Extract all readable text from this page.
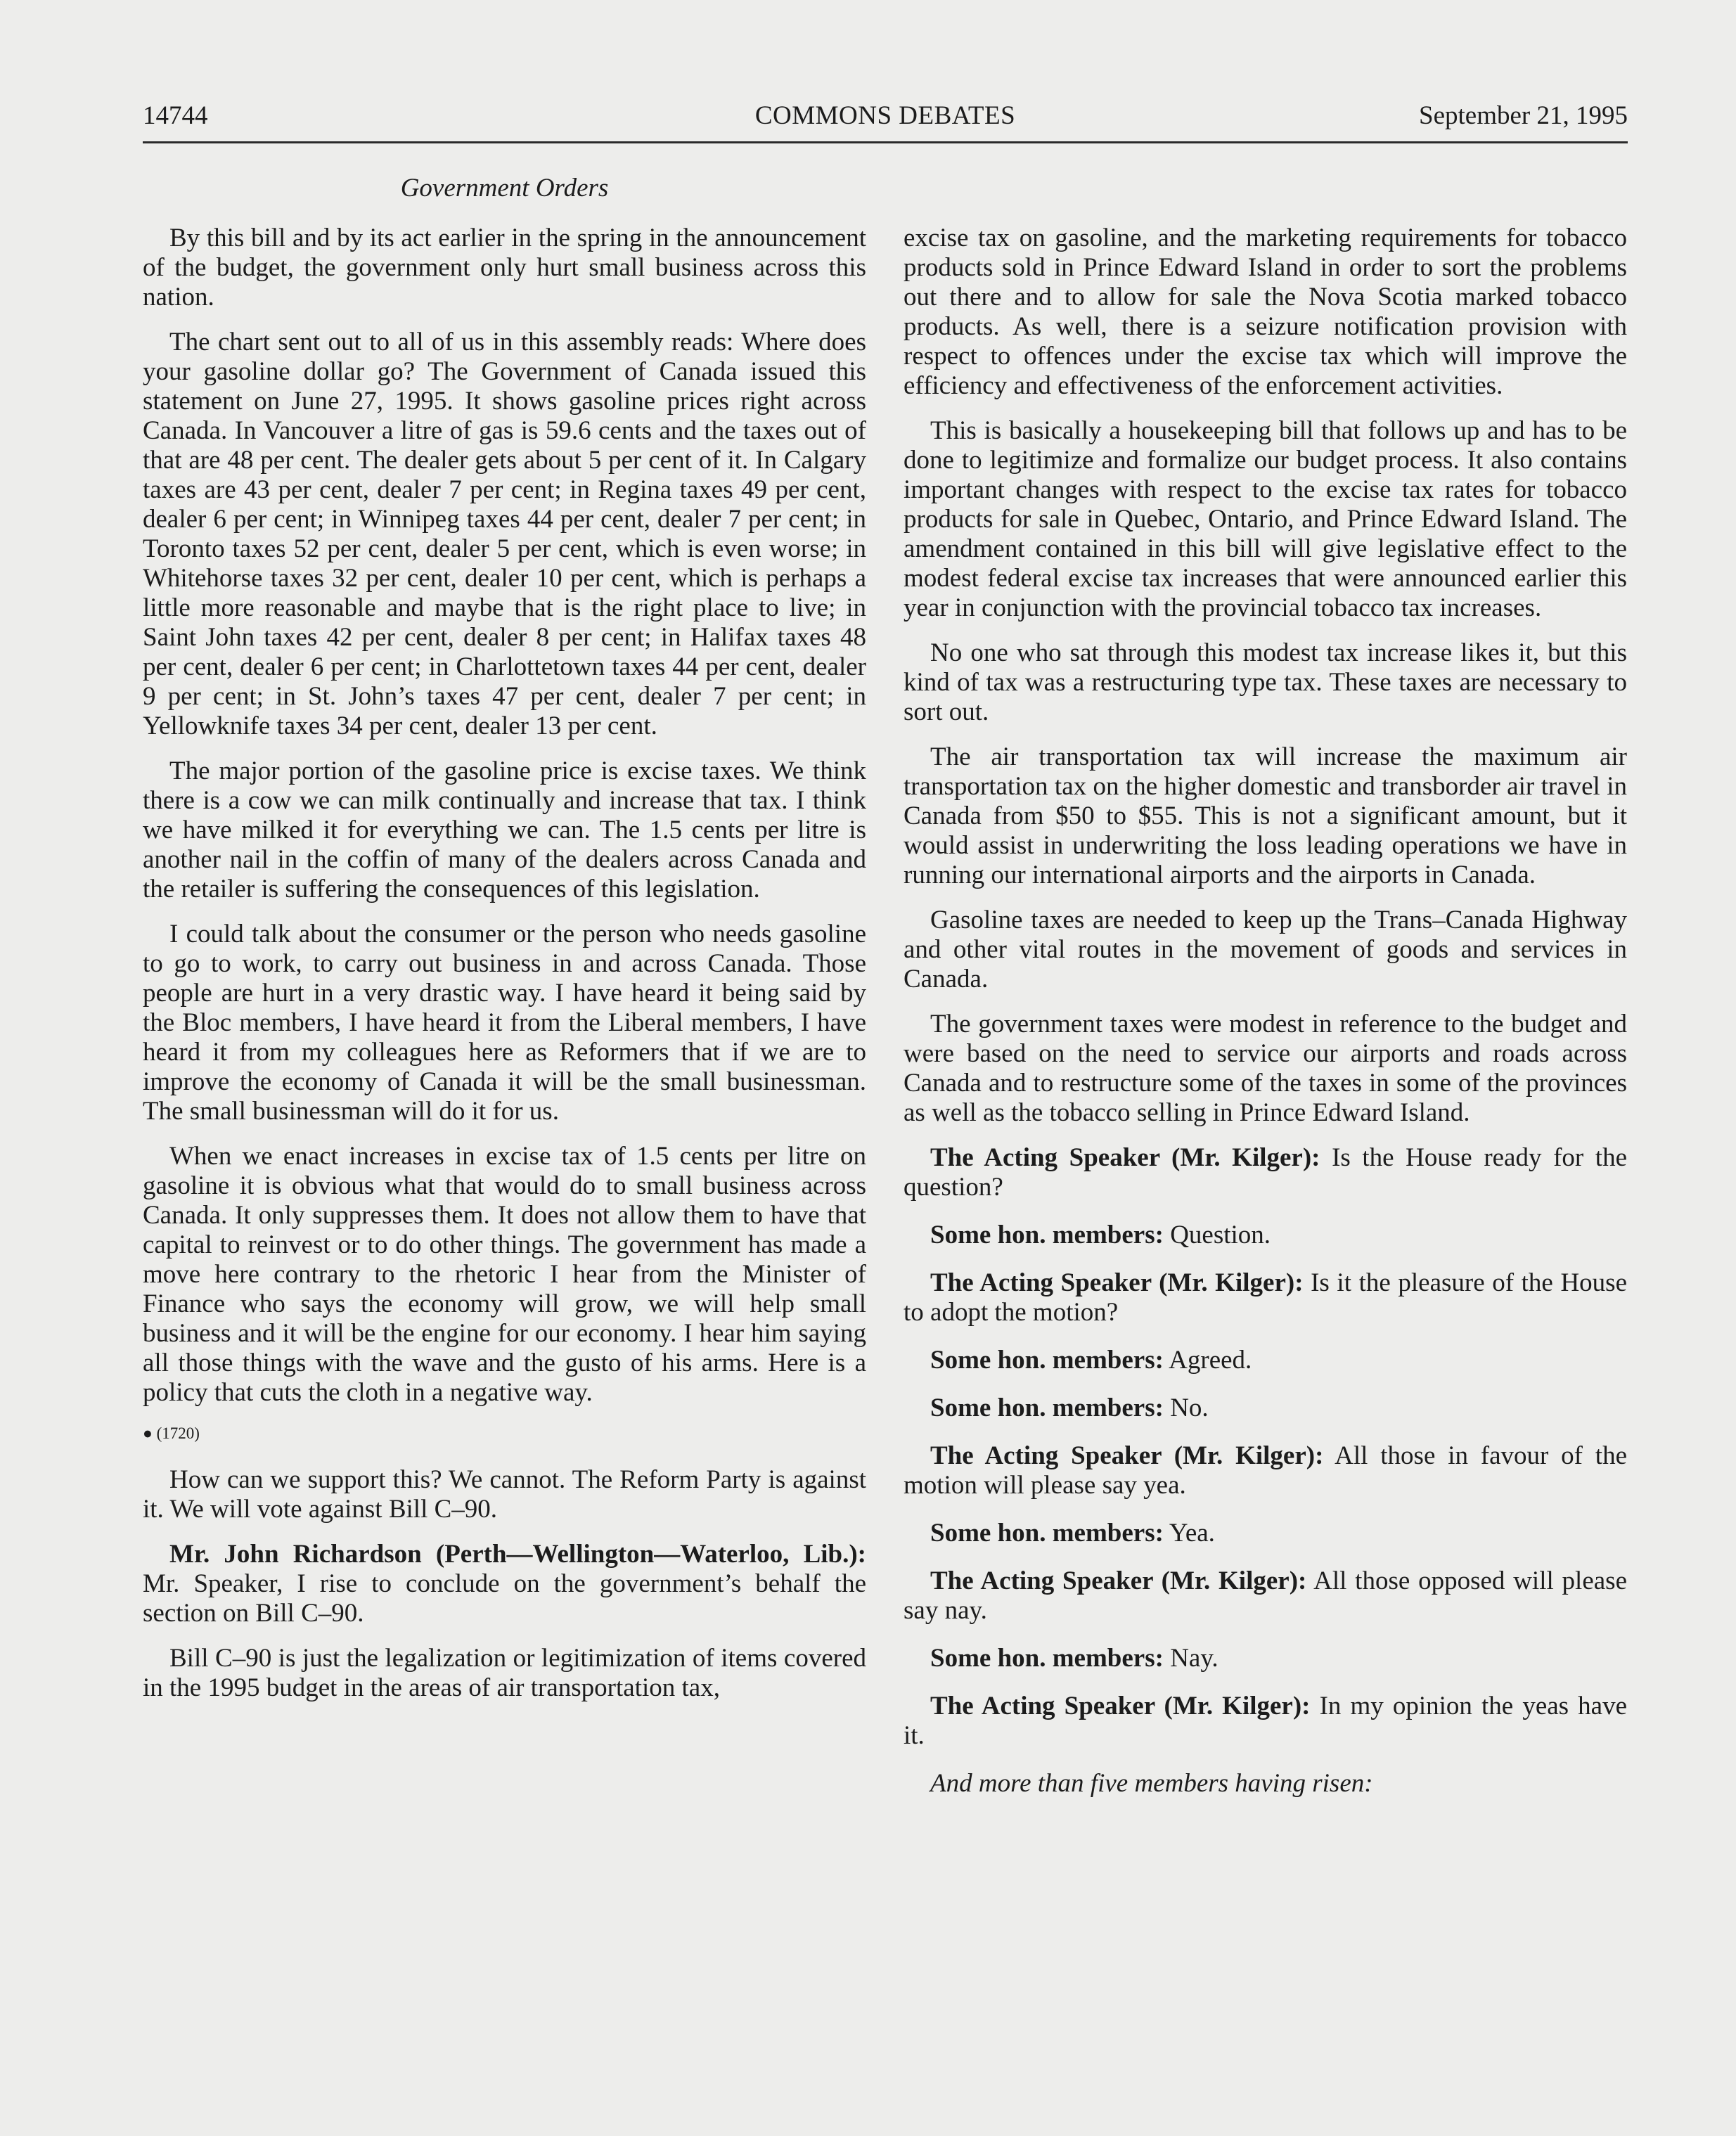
14744	COMMONS DEBATES	September 21, 1995
Government Orders

By this bill and by its act earlier in the spring in the announcement of the budget, the government only hurt small business across this nation.

The chart sent out to all of us in this assembly reads: Where does your gasoline dollar go? The Government of Canada issued this statement on June 27, 1995. It shows gasoline prices right across Canada. In Vancouver a litre of gas is 59.6 cents and the taxes out of that are 48 per cent. The dealer gets about 5 per cent of it. In Calgary taxes are 43 per cent, dealer 7 per cent; in Regina taxes 49 per cent, dealer 6 per cent; in Winnipeg taxes 44 per cent, dealer 7 per cent; in Toronto taxes 52 per cent, dealer 5 per cent, which is even worse; in Whitehorse taxes 32 per cent, dealer 10 per cent, which is perhaps a little more reasonable and maybe that is the right place to live; in Saint John taxes 42 per cent, dealer 8 per cent; in Halifax taxes 48 per cent, dealer 6 per cent; in Charlottetown taxes 44 per cent, dealer 9 per cent; in St. John’s taxes 47 per cent, dealer 7 per cent; in Yellowknife taxes 34 per cent, dealer 13 per cent.

The major portion of the gasoline price is excise taxes. We think there is a cow we can milk continually and increase that tax. I think we have milked it for everything we can. The 1.5 cents per litre is another nail in the coffin of many of the dealers across Canada and the retailer is suffering the consequences of this legislation.

I could talk about the consumer or the person who needs gasoline to go to work, to carry out business in and across Canada. Those people are hurt in a very drastic way. I have heard it being said by the Bloc members, I have heard it from the Liberal members, I have heard it from my colleagues here as Reformers that if we are to improve the economy of Canada it will be the small businessman. The small businessman will do it for us.

When we enact increases in excise tax of 1.5 cents per litre on gasoline it is obvious what that would do to small business across Canada. It only suppresses them. It does not allow them to have that capital to reinvest or to do other things. The government has made a move here contrary to the rhetoric I hear from the Minister of Finance who says the economy will grow, we will help small business and it will be the engine for our economy. I hear him saying all those things with the wave and the gusto of his arms. Here is a policy that cuts the cloth in a negative way.

● (1720)

How can we support this? We cannot. The Reform Party is against it. We will vote against Bill C–90.

Mr. John Richardson (Perth—Wellington—Waterloo, Lib.): Mr. Speaker, I rise to conclude on the government’s behalf the section on Bill C–90.

Bill C–90 is just the legalization or legitimization of items covered in the 1995 budget in the areas of air transportation tax,

excise tax on gasoline, and the marketing requirements for tobacco products sold in Prince Edward Island in order to sort the problems out there and to allow for sale the Nova Scotia marked tobacco products. As well, there is a seizure notification provision with respect to offences under the excise tax which will improve the efficiency and effectiveness of the enforcement activities.

This is basically a housekeeping bill that follows up and has to be done to legitimize and formalize our budget process. It also contains important changes with respect to the excise tax rates for tobacco products for sale in Quebec, Ontario, and Prince Edward Island. The amendment contained in this bill will give legislative effect to the modest federal excise tax increases that were announced earlier this year in conjunction with the provincial tobacco tax increases.

No one who sat through this modest tax increase likes it, but this kind of tax was a restructuring type tax. These taxes are necessary to sort out.

The air transportation tax will increase the maximum air transportation tax on the higher domestic and transborder air travel in Canada from $50 to $55. This is not a significant amount, but it would assist in underwriting the loss leading operations we have in running our international airports and the airports in Canada.

Gasoline taxes are needed to keep up the Trans–Canada Highway and other vital routes in the movement of goods and services in Canada.

The government taxes were modest in reference to the budget and were based on the need to service our airports and roads across Canada and to restructure some of the taxes in some of the provinces as well as the tobacco selling in Prince Edward Island.

The Acting Speaker (Mr. Kilger): Is the House ready for the question?

Some hon. members: Question.

The Acting Speaker (Mr. Kilger): Is it the pleasure of the House to adopt the motion?

Some hon. members: Agreed.

Some hon. members: No.

The Acting Speaker (Mr. Kilger): All those in favour of the motion will please say yea.

Some hon. members: Yea.

The Acting Speaker (Mr. Kilger): All those opposed will please say nay.

Some hon. members: Nay.

The Acting Speaker (Mr. Kilger): In my opinion the yeas have it.

And more than five members having risen:
